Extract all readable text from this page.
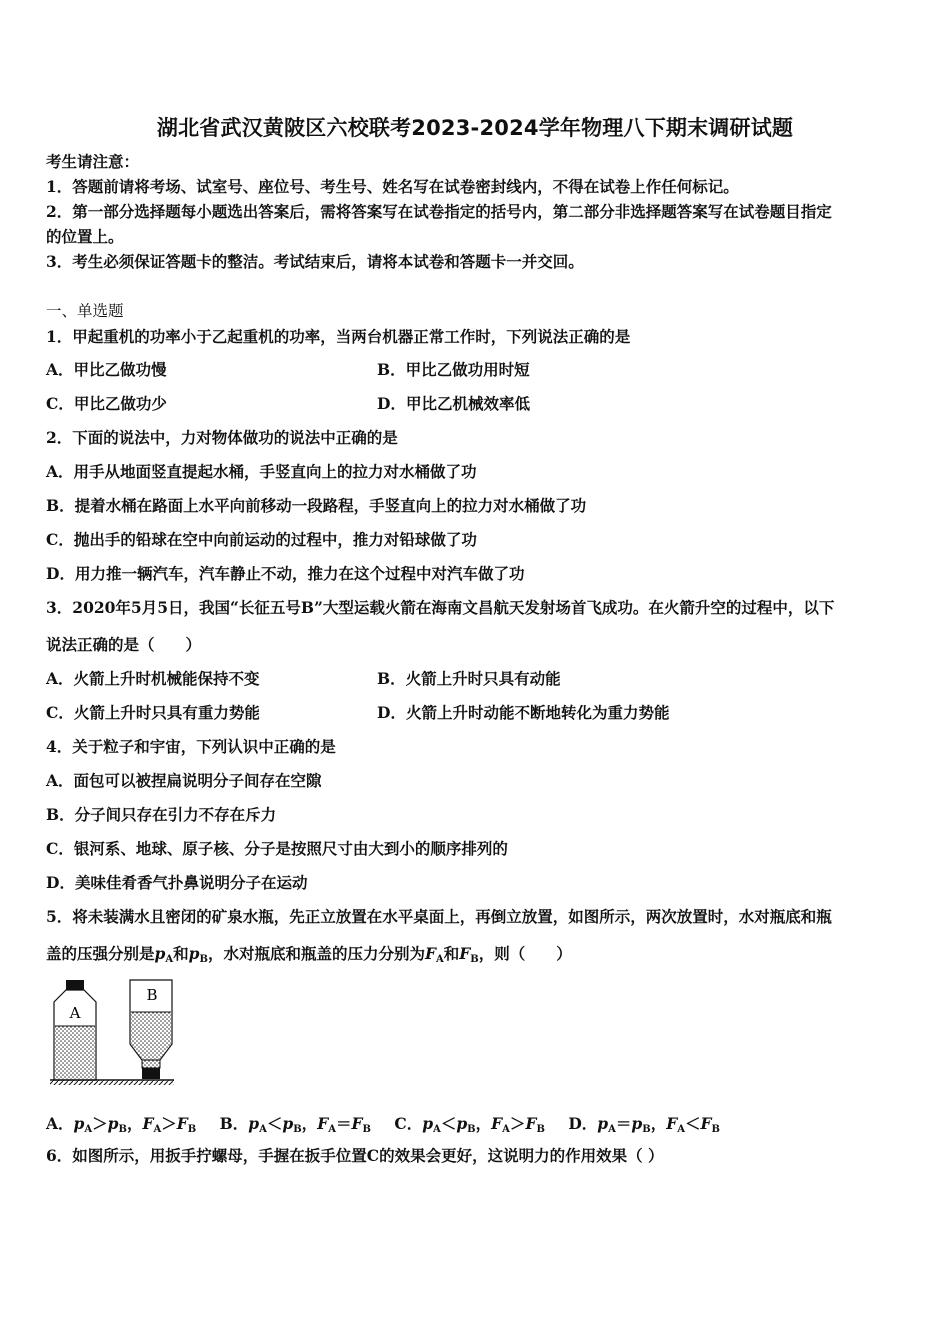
湖北省武汉黄陂区六校联考2023-2024学年物理八下期末调研试题
考生请注意：
1．答题前请将考场、试室号、座位号、考生号、姓名写在试卷密封线内，不得在试卷上作任何标记。
2．第一部分选择题每小题选出答案后，需将答案写在试卷指定的括号内，第二部分非选择题答案写在试卷题目指定
的位置上。
3．考生必须保证答题卡的整洁。考试结束后，请将本试卷和答题卡一并交回。
一、单选题
1．甲起重机的功率小于乙起重机的功率，当两台机器正常工作时，下列说法正确的是
A．甲比乙做功慢	B．甲比乙做功用时短
C．甲比乙做功少	D．甲比乙机械效率低
2．下面的说法中，力对物体做功的说法中正确的是
A．用手从地面竖直提起水桶，手竖直向上的拉力对水桶做了功
B．提着水桶在路面上水平向前移动一段路程，手竖直向上的拉力对水桶做了功
C．抛出手的铅球在空中向前运动的过程中，推力对铅球做了功
D．用力推一辆汽车，汽车静止不动，推力在这个过程中对汽车做了功
3．2020年5月5日，我国“长征五号B”大型运载火箭在海南文昌航天发射场首飞成功。在火箭升空的过程中，以下
说法正确的是（　　）
A．火箭上升时机械能保持不变	B．火箭上升时只具有动能
C．火箭上升时只具有重力势能	D．火箭上升时动能不断地转化为重力势能
4．关于粒子和宇宙，下列认识中正确的是
A．面包可以被捏扁说明分子间存在空隙
B．分子间只存在引力不存在斥力
C．银河系、地球、原子核、分子是按照尺寸由大到小的顺序排列的
D．美味佳肴香气扑鼻说明分子在运动
5．将未装满水且密闭的矿泉水瓶，先正立放置在水平桌面上，再倒立放置，如图所示，两次放置时，水对瓶底和瓶
盖的压强分别是$p_A$和$p_B$，水对瓶底和瓶盖的压力分别为$F_A$和$F_B$，则（　　）
A
B
A．$p_A>p_B$，$F_A>F_B$ B．$p_A<p_B$，$F_A=F_B$ C．$p_A<p_B$，$F_A>F_B$ D．$p_A=p_B$，$F_A<F_B$
6．如图所示，用扳手拧螺母，手握在扳手位置C的效果会更好，这说明力的作用效果（ ）
